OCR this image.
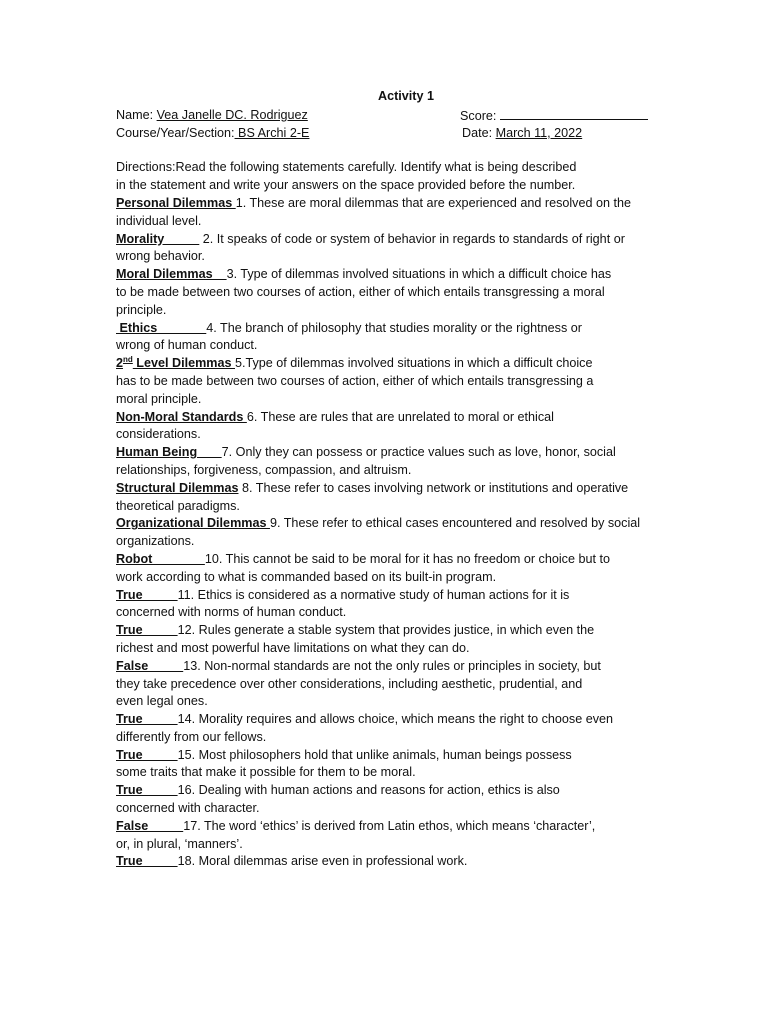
Activity 1
Name: Vea Janelle DC. Rodriguez	Score:
Course/Year/Section: BS Archi 2-E	Date: March 11, 2022
Directions:Read the following statements carefully. Identify what is being described in the statement and write your answers on the space provided before the number.
Personal Dilemmas 1. These are moral dilemmas that are experienced and resolved on the individual level.
Morality           2. It speaks of code or system of behavior in regards to standards of right or wrong behavior.
Moral Dilemmas    3. Type of dilemmas involved situations in which a difficult choice has to be made between two courses of action, either of which entails transgressing a moral principle.
Ethics              4. The branch of philosophy that studies morality or the rightness or wrong of human conduct.
2nd Level Dilemmas 5.Type of dilemmas involved situations in which a difficult choice has to be made between two courses of action, either of which entails transgressing a moral principle.
Non-Moral Standards 6. These are rules that are unrelated to moral or ethical considerations.
Human Being       7. Only they can possess or practice values such as love, honor, social relationships, forgiveness, compassion, and altruism.
Structural Dilemmas 8. These refer to cases involving network or institutions and operative theoretical paradigms.
Organizational Dilemmas 9. These refer to ethical cases encountered and resolved by social
organizations.
Robot               10. This cannot be said to be moral for it has no freedom or choice but to work according to what is commanded based on its built-in program.
True          11. Ethics is considered as a normative study of human actions for it is concerned with norms of human conduct.
True          12. Rules generate a stable system that provides justice, in which even the richest and most powerful have limitations on what they can do.
False          13. Non-normal standards are not the only rules or principles in society, but they take precedence over other considerations, including aesthetic, prudential, and even legal ones.
True          14. Morality requires and allows choice, which means the right to choose even differently from our fellows.
True          15. Most philosophers hold that unlike animals, human beings possess some traits that make it possible for them to be moral.
True          16. Dealing with human actions and reasons for action, ethics is also concerned with character.
False          17. The word ‘ethics’ is derived from Latin ethos, which means ‘character’, or, in plural, ‘manners’.
True          18. Moral dilemmas arise even in professional work.
